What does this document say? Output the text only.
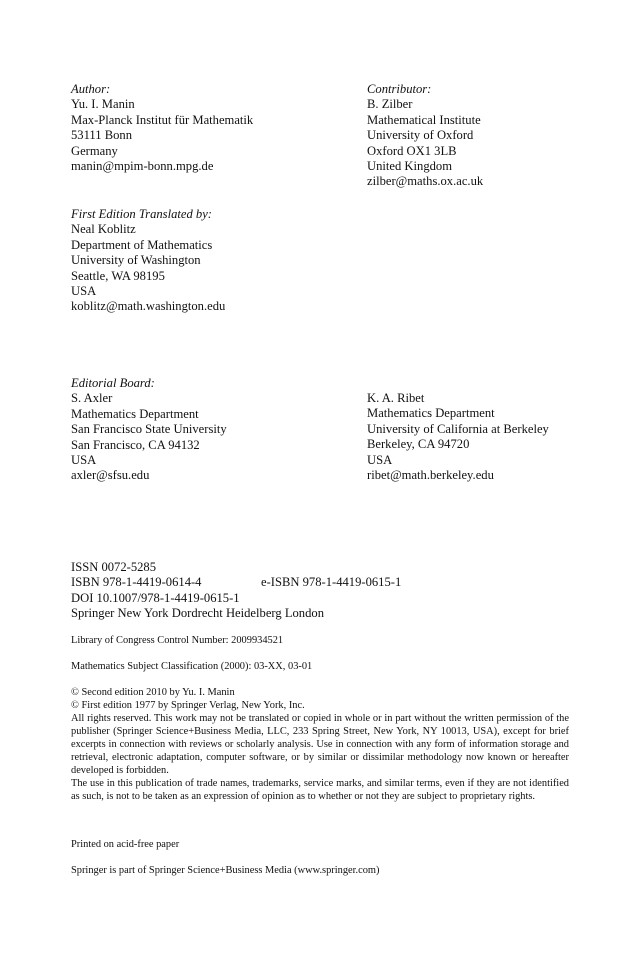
Author:
Yu. I. Manin
Max-Planck Institut für Mathematik
53111 Bonn
Germany
manin@mpim-bonn.mpg.de
Contributor:
B. Zilber
Mathematical Institute
University of Oxford
Oxford OX1 3LB
United Kingdom
zilber@maths.ox.ac.uk
First Edition Translated by:
Neal Koblitz
Department of Mathematics
University of Washington
Seattle, WA 98195
USA
koblitz@math.washington.edu
Editorial Board:
S. Axler
Mathematics Department
San Francisco State University
San Francisco, CA 94132
USA
axler@sfsu.edu
K. A. Ribet
Mathematics Department
University of California at Berkeley
Berkeley, CA 94720
USA
ribet@math.berkeley.edu
ISSN 0072-5285
ISBN 978-1-4419-0614-4	e-ISBN 978-1-4419-0615-1
DOI 10.1007/978-1-4419-0615-1
Springer New York Dordrecht Heidelberg London
Library of Congress Control Number: 2009934521
Mathematics Subject Classification (2000): 03-XX, 03-01
© Second edition 2010 by Yu. I. Manin
© First edition 1977 by Springer Verlag, New York, Inc.
All rights reserved. This work may not be translated or copied in whole or in part without the written permission of the publisher (Springer Science+Business Media, LLC, 233 Spring Street, New York, NY 10013, USA), except for brief excerpts in connection with reviews or scholarly analysis. Use in connection with any form of information storage and retrieval, electronic adaptation, computer software, or by similar or dissimilar methodology now known or hereafter developed is forbidden.
The use in this publication of trade names, trademarks, service marks, and similar terms, even if they are not identified as such, is not to be taken as an expression of opinion as to whether or not they are subject to proprietary rights.
Printed on acid-free paper
Springer is part of Springer Science+Business Media (www.springer.com)
